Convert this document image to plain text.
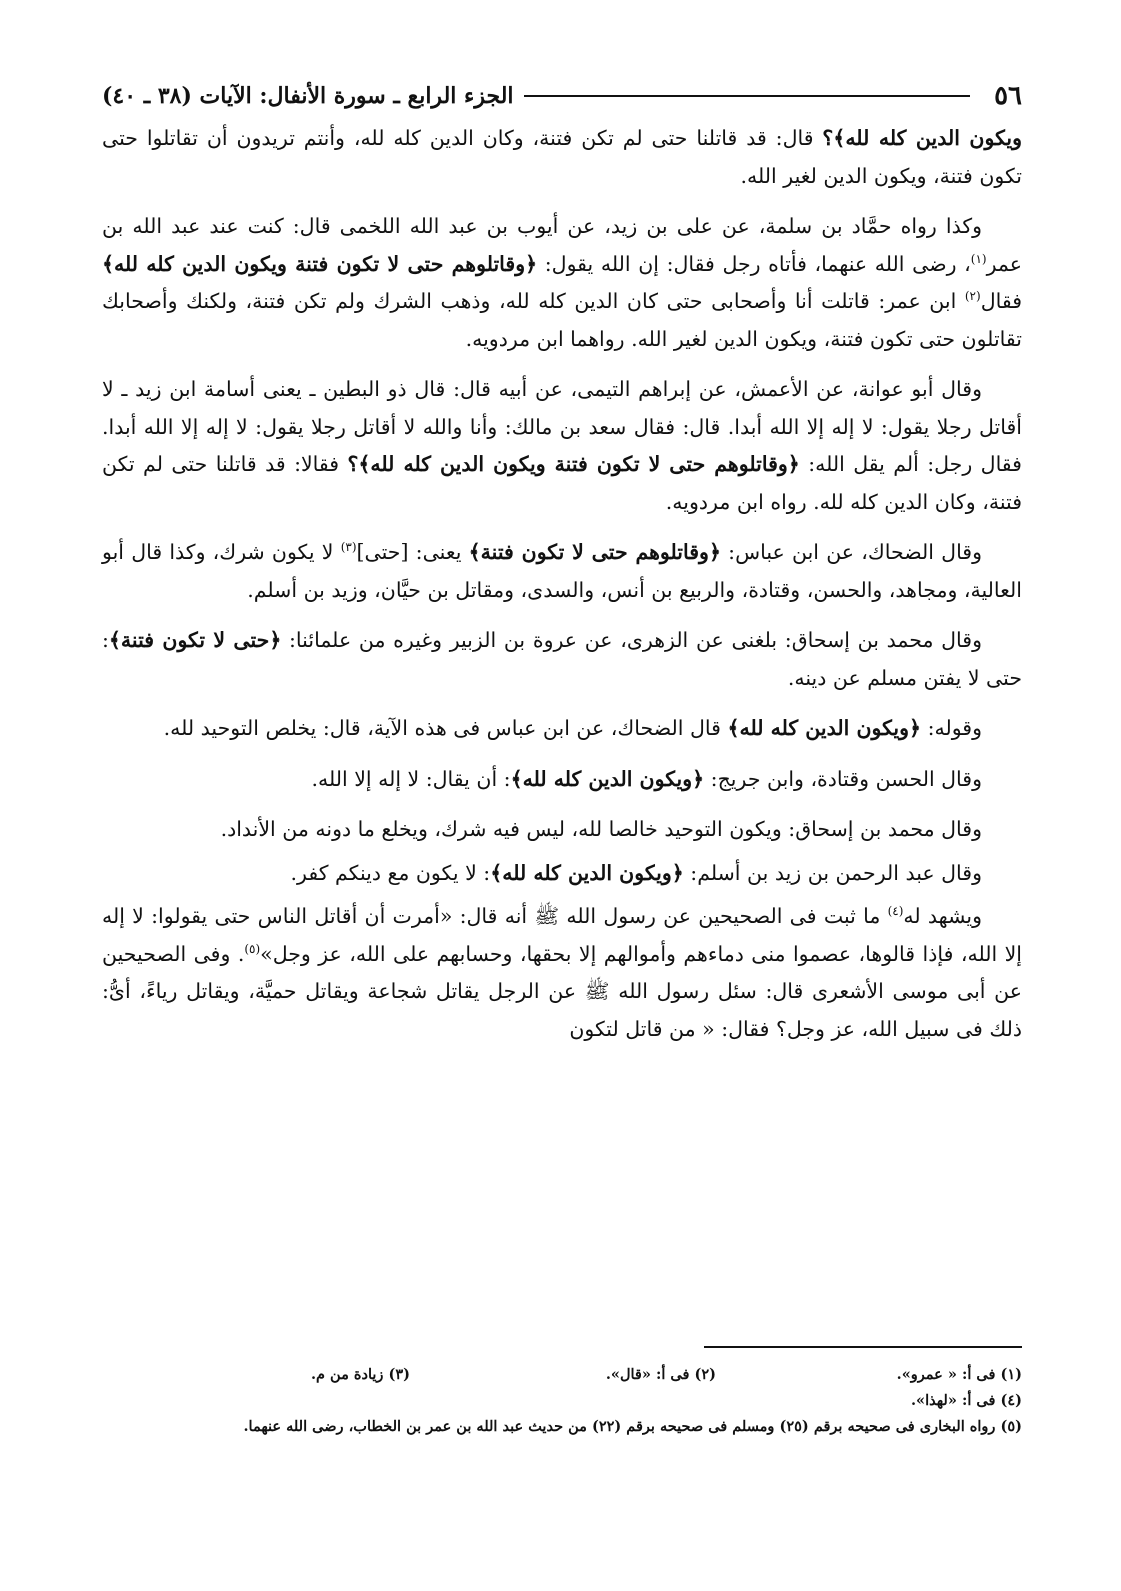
٥٦
الجزء الرابع ـ سورة الأنفال: الآيات (٣٨ ـ ٤٠)

ويكون الدين كله لله﴾؟ قال: قد قاتلنا حتى لم تكن فتنة، وكان الدين كله لله، وأنتم تريدون أن تقاتلوا حتى تكون فتنة، ويكون الدين لغير الله.

وكذا رواه حمَّاد بن سلمة، عن على بن زيد، عن أيوب بن عبد الله اللخمى قال: كنت عند عبد الله بن عمر$^{(١)}$، رضى الله عنهما، فأتاه رجل فقال: إن الله يقول: ﴿وقاتلوهم حتى لا تكون فتنة ويكون الدين كله لله﴾ فقال$^{(٢)}$ ابن عمر: قاتلت أنا وأصحابى حتى كان الدين كله لله، وذهب الشرك ولم تكن فتنة، ولكنك وأصحابك تقاتلون حتى تكون فتنة، ويكون الدين لغير الله. رواهما ابن مردويه.

وقال أبو عوانة، عن الأعمش، عن إبراهم التيمى، عن أبيه قال: قال ذو البطين ـ يعنى أسامة ابن زيد ـ لا أقاتل رجلا يقول: لا إله إلا الله أبدا. قال: فقال سعد بن مالك: وأنا والله لا أقاتل رجلا يقول: لا إله إلا الله أبدا. فقال رجل: ألم يقل الله: ﴿وقاتلوهم حتى لا تكون فتنة ويكون الدين كله لله﴾؟ فقالا: قد قاتلنا حتى لم تكن فتنة، وكان الدين كله لله. رواه ابن مردويه.

وقال الضحاك، عن ابن عباس: ﴿وقاتلوهم حتى لا تكون فتنة﴾ يعنى: [حتى]$^{(٣)}$ لا يكون شرك، وكذا قال أبو العالية، ومجاهد، والحسن، وقتادة، والربيع بن أنس، والسدى، ومقاتل بن حيَّان، وزيد بن أسلم.

وقال محمد بن إسحاق: بلغنى عن الزهرى، عن عروة بن الزبير وغيره من علمائنا: ﴿حتى لا تكون فتنة﴾: حتى لا يفتن مسلم عن دينه.

وقوله: ﴿ويكون الدين كله لله﴾ قال الضحاك، عن ابن عباس فى هذه الآية، قال: يخلص التوحيد لله.

وقال الحسن وقتادة، وابن جريج: ﴿ويكون الدين كله لله﴾: أن يقال: لا إله إلا الله.

وقال محمد بن إسحاق: ويكون التوحيد خالصا لله، ليس فيه شرك، ويخلع ما دونه من الأنداد.

وقال عبد الرحمن بن زيد بن أسلم: ﴿ويكون الدين كله لله﴾: لا يكون مع دينكم كفر.

ويشهد له$^{(٤)}$ ما ثبت فى الصحيحين عن رسول الله ﷺ أنه قال: «أمرت أن أقاتل الناس حتى يقولوا: لا إله إلا الله، فإذا قالوها، عصموا منى دماءهم وأموالهم إلا بحقها، وحسابهم على الله، عز وجل»$^{(٥)}$. وفى الصحيحين عن أبى موسى الأشعرى قال: سئل رسول الله ﷺ عن الرجل يقاتل شجاعة ويقاتل حميَّة، ويقاتل رياءً، أىُّ: ذلك فى سبيل الله، عز وجل؟ فقال: « من قاتل لتكون

(١) فى أ: « عمرو».
(٢) فى أ: «قال».
(٣) زيادة من م.
(٤) فى أ: «لهذا».
(٥) رواه البخارى فى صحيحه برقم (٢٥) ومسلم فى صحيحه برقم (٢٢) من حديث عبد الله بن عمر بن الخطاب، رضى الله عنهما.
